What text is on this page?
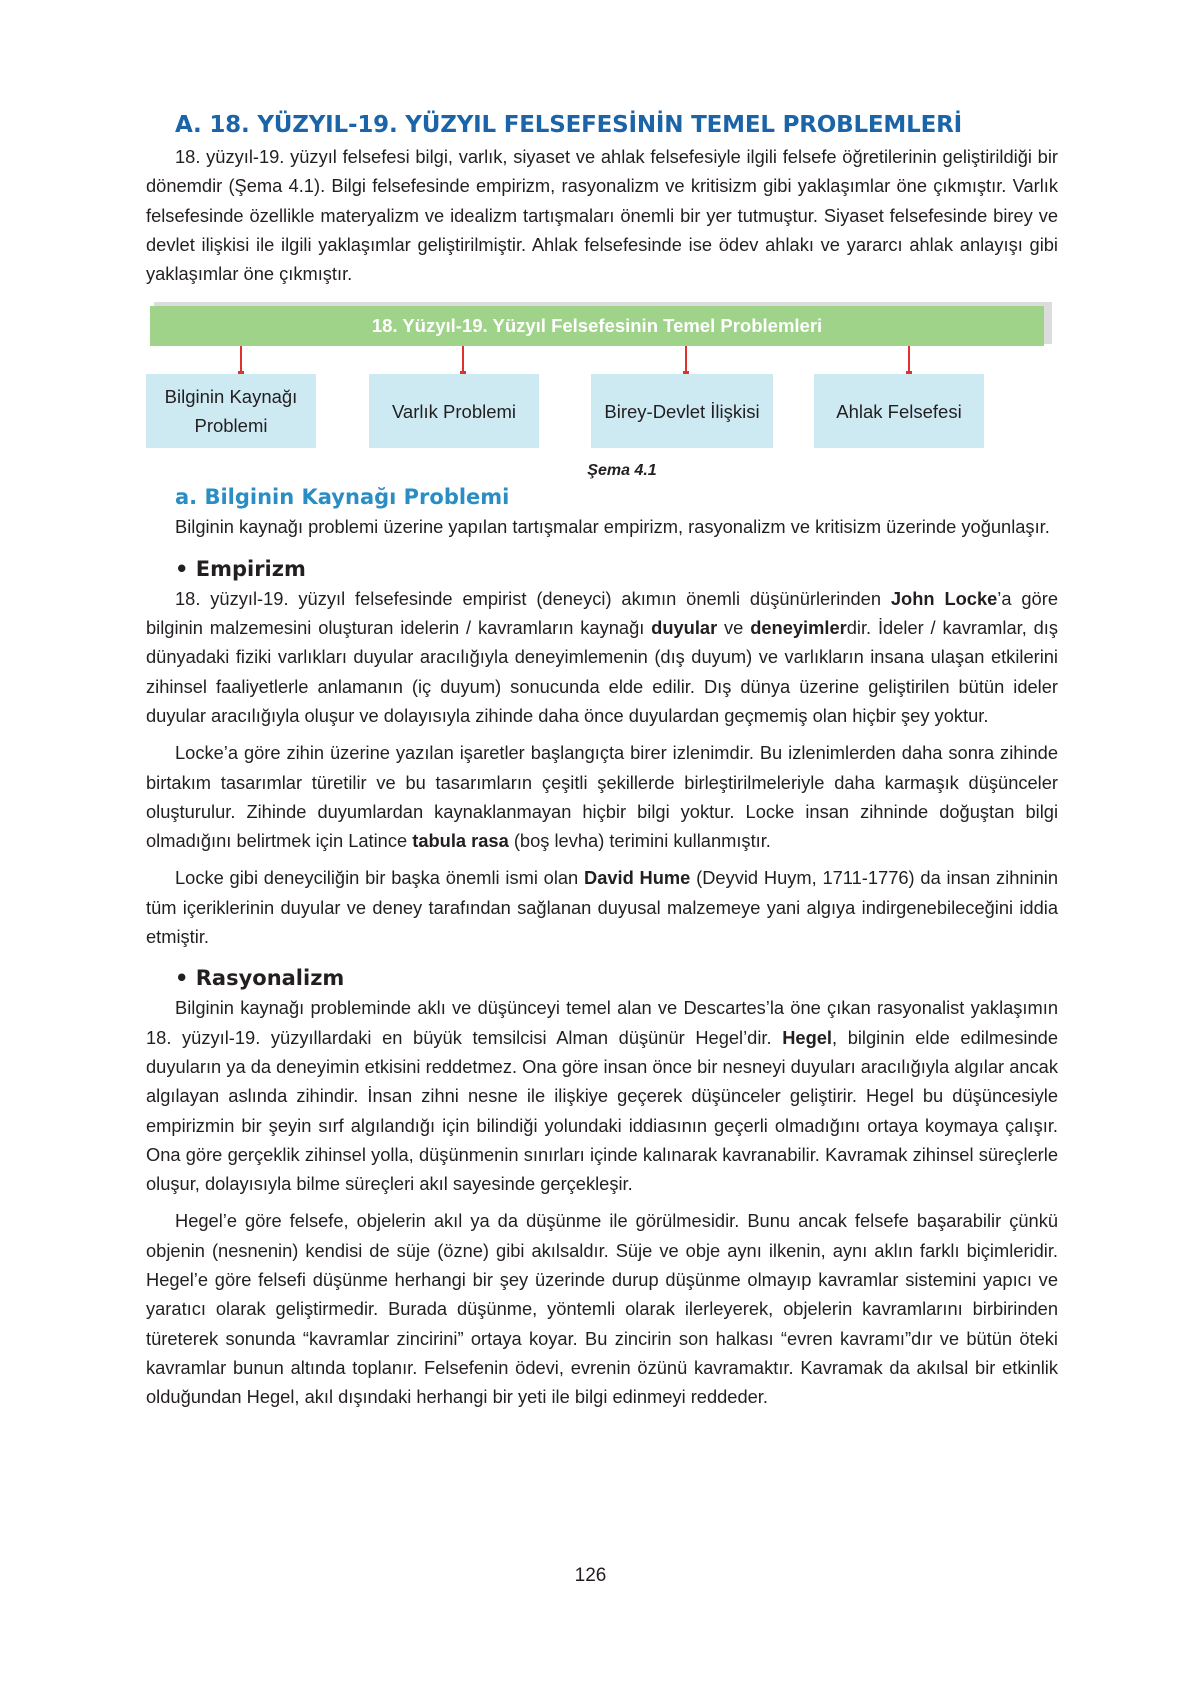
A. 18. YÜZYIL-19. YÜZYIL FELSEFESİNİN TEMEL PROBLEMLERİ

18. yüzyıl-19. yüzyıl felsefesi bilgi, varlık, siyaset ve ahlak felsefesiyle ilgili felsefe öğretilerinin geliştirildiği bir dönemdir (Şema 4.1). Bilgi felsefesinde empirizm, rasyonalizm ve kritisizm gibi yaklaşımlar öne çıkmıştır. Varlık felsefesinde özellikle materyalizm ve idealizm tartışmaları önemli bir yer tutmuştur. Siyaset felsefesinde birey ve devlet ilişkisi ile ilgili yaklaşımlar geliştirilmiştir. Ahlak felsefesinde ise ödev ahlakı ve yararcı ahlak anlayışı gibi yaklaşımlar öne çıkmıştır.

18. Yüzyıl-19. Yüzyıl Felsefesinin Temel Problemleri
Bilginin Kaynağı
Problemi
Varlık Problemi	Birey-Devlet İlişkisi	Ahlak Felsefesi
Şema 4.1
a. Bilginin Kaynağı Problemi

Bilginin kaynağı problemi üzerine yapılan tartışmalar empirizm, rasyonalizm ve kritisizm üzerinde yoğunlaşır.

• Empirizm

18. yüzyıl-19. yüzyıl felsefesinde empirist (deneyci) akımın önemli düşünürlerinden John Locke’a göre bilginin malzemesini oluşturan idelerin / kavramların kaynağı duyular ve deneyimlerdir. İdeler / kavramlar, dış dünyadaki fiziki varlıkları duyular aracılığıyla deneyimlemenin (dış duyum) ve varlıkların insana ulaşan etkilerini zihinsel faaliyetlerle anlamanın (iç duyum) sonucunda elde edilir. Dış dünya üzerine geliştirilen bütün ideler duyular aracılığıyla oluşur ve dolayısıyla zihinde daha önce duyulardan geçmemiş olan hiçbir şey yoktur.

Locke’a göre zihin üzerine yazılan işaretler başlangıçta birer izlenimdir. Bu izlenimlerden daha sonra zihinde birtakım tasarımlar türetilir ve bu tasarımların çeşitli şekillerde birleştirilmeleriyle daha karmaşık düşünceler oluşturulur. Zihinde duyumlardan kaynaklanmayan hiçbir bilgi yoktur. Locke insan zihninde doğuştan bilgi olmadığını belirtmek için Latince tabula rasa (boş levha) terimini kullanmıştır.

Locke gibi deneyciliğin bir başka önemli ismi olan David Hume (Deyvid Huym, 1711-1776) da insan zihninin tüm içeriklerinin duyular ve deney tarafından sağlanan duyusal malzemeye yani algıya indirgenebileceğini iddia etmiştir.

• Rasyonalizm

Bilginin kaynağı probleminde aklı ve düşünceyi temel alan ve Descartes’la öne çıkan rasyonalist yaklaşımın 18. yüzyıl-19. yüzyıllardaki en büyük temsilcisi Alman düşünür Hegel’dir. Hegel, bilginin elde edilmesinde duyuların ya da deneyimin etkisini reddetmez. Ona göre insan önce bir nesneyi duyuları aracılığıyla algılar ancak algılayan aslında zihindir. İnsan zihni nesne ile ilişkiye geçerek düşünceler geliştirir. Hegel bu düşüncesiyle empirizmin bir şeyin sırf algılandığı için bilindiği yolundaki iddiasının geçerli olmadığını ortaya koymaya çalışır. Ona göre gerçeklik zihinsel yolla, düşünmenin sınırları içinde kalınarak kavranabilir. Kavramak zihinsel süreçlerle oluşur, dolayısıyla bilme süreçleri akıl sayesinde gerçekleşir.

Hegel’e göre felsefe, objelerin akıl ya da düşünme ile görülmesidir. Bunu ancak felsefe başarabilir çünkü objenin (nesnenin) kendisi de süje (özne) gibi akılsaldır. Süje ve obje aynı ilkenin, aynı aklın farklı biçimleridir. Hegel’e göre felsefi düşünme herhangi bir şey üzerinde durup düşünme olmayıp kavramlar sistemini yapıcı ve yaratıcı olarak geliştirmedir. Burada düşünme, yöntemli olarak ilerleyerek, objelerin kavramlarını birbirinden türeterek sonunda “kavramlar zincirini” ortaya koyar. Bu zincirin son halkası “evren kavramı”dır ve bütün öteki kavramlar bunun altında toplanır. Felsefenin ödevi, evrenin özünü kavramaktır. Kavramak da akılsal bir etkinlik olduğundan Hegel, akıl dışındaki herhangi bir yeti ile bilgi edinmeyi reddeder.

126
